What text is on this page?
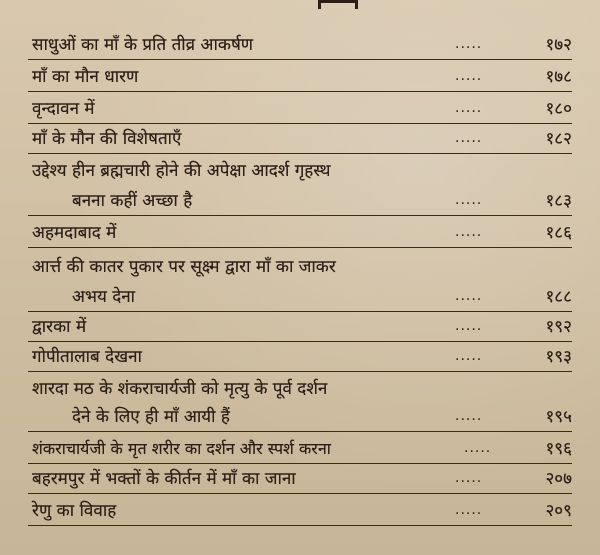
साधुओं का माँ के प्रति तीव्र आकर्षण	.....	१७२
माँ का मौन धारण	.....	१७८
वृन्दावन में	.....	१८०
माँ के मौन की विशेषताएँ	.....	१८२
उद्देश्य हीन ब्रह्मचारी होने की अपेक्षा आदर्श गृहस्थ
बनना कहीं अच्छा है	.....	१८३
अहमदाबाद में	.....	१८६
आर्त्त की कातर पुकार पर सूक्ष्म द्वारा माँ का जाकर
अभय देना	.....	१८८
द्वारका में	.....	१९२
गोपीतालाब देखना	.....	१९३
शारदा मठ के शंकराचार्यजी को मृत्यु के पूर्व दर्शन
देने के लिए ही माँ आयी हैं	.....	१९५
शंकराचार्यजी के मृत शरीर का दर्शन और स्पर्श करना	.....	१९६
बहरमपुर में भक्तों के कीर्तन में माँ का जाना	.....	२०७
रेणु का विवाह	.....	२०९
